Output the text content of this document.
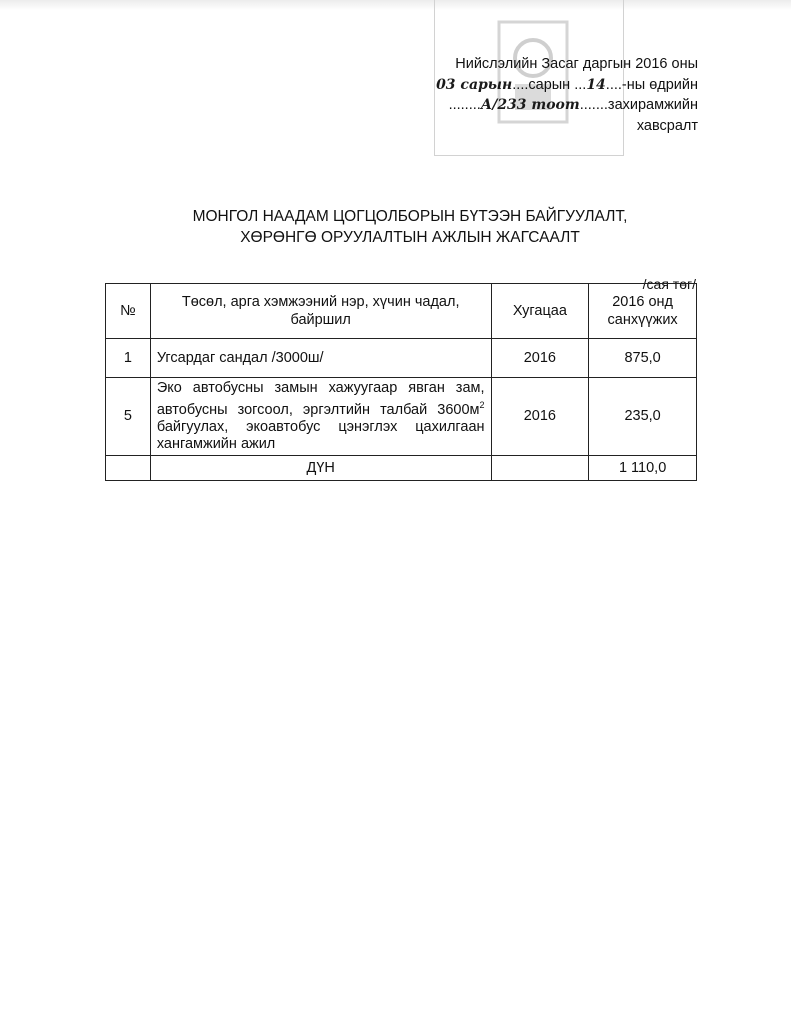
Нийслэлийн Засаг даргын 2016 оны
03 сарын....сарын ...14....-ны өдрийн
........А/233 тоот.......захирамжийн
хавсралт
МОНГОЛ НААДАМ ЦОГЦОЛБОРЫН БҮТЭЭН БАЙГУУЛАЛТ,
ХӨРӨНГӨ ОРУУЛАЛТЫН АЖЛЫН ЖАГСААЛТ
/сая төг/
№	Төсөл, арга хэмжээний нэр, хүчин чадал, байршил	Хугацаа	2016 онд санхүүжих
1	Угсардаг сандал /3000ш/	2016	875,0
5	Эко автобусны замын хажуугаар явган зам, автобусны зогсоол, эргэлтийн талбай $3600м^2$ байгуулах, экоавтобус цэнэглэх цахилгаан хангамжийн ажил	2016	235,0
	ДҮН		1 110,0
